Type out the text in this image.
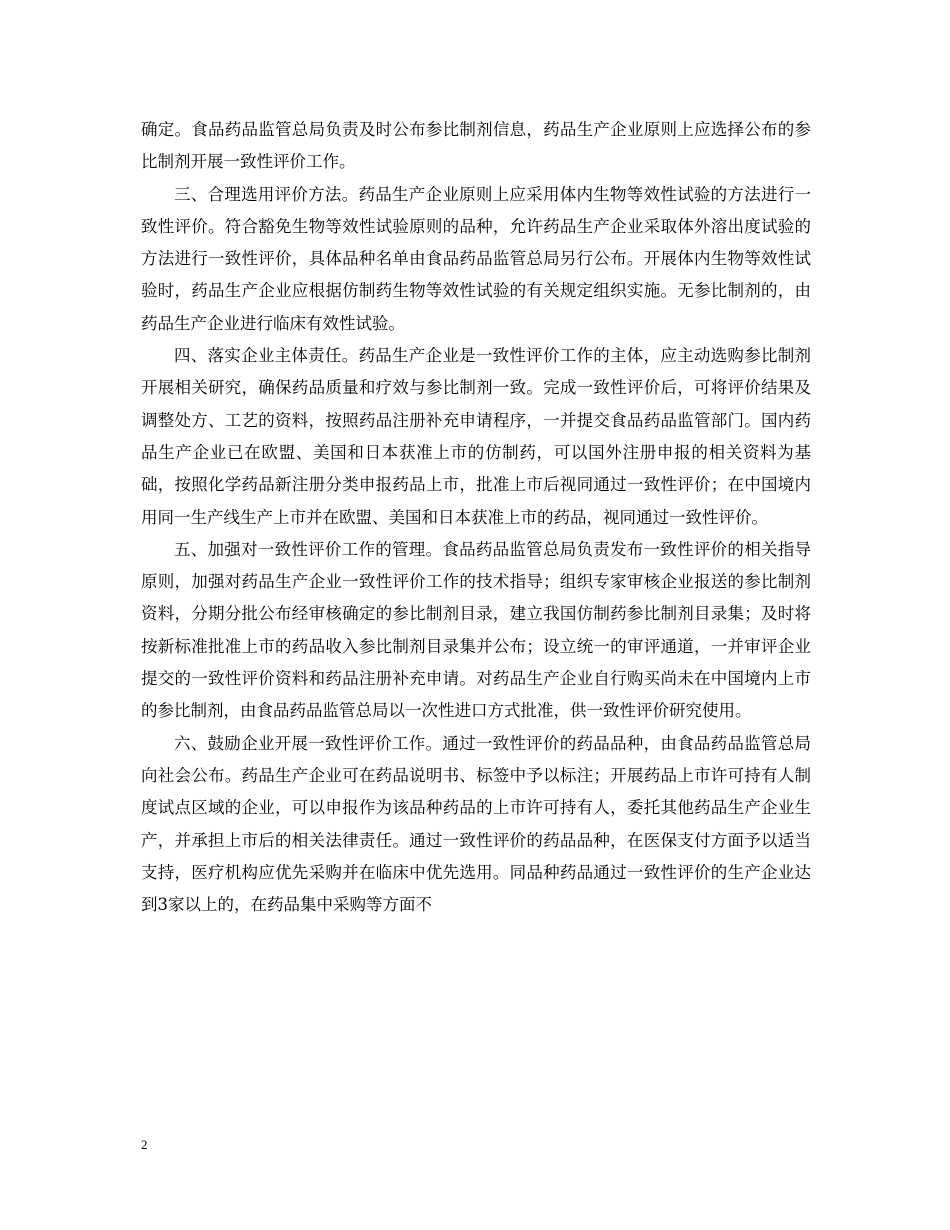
确定。食品药品监管总局负责及时公布参比制剂信息，药品生产企业原则上应选择公布的参比制剂开展一致性评价工作。

三、合理选用评价方法。药品生产企业原则上应采用体内生物等效性试验的方法进行一致性评价。符合豁免生物等效性试验原则的品种，允许药品生产企业采取体外溶出度试验的方法进行一致性评价，具体品种名单由食品药品监管总局另行公布。开展体内生物等效性试验时，药品生产企业应根据仿制药生物等效性试验的有关规定组织实施。无参比制剂的，由药品生产企业进行临床有效性试验。

四、落实企业主体责任。药品生产企业是一致性评价工作的主体，应主动选购参比制剂开展相关研究，确保药品质量和疗效与参比制剂一致。完成一致性评价后，可将评价结果及调整处方、工艺的资料，按照药品注册补充申请程序，一并提交食品药品监管部门。国内药品生产企业已在欧盟、美国和日本获准上市的仿制药，可以国外注册申报的相关资料为基础，按照化学药品新注册分类申报药品上市，批准上市后视同通过一致性评价；在中国境内用同一生产线生产上市并在欧盟、美国和日本获准上市的药品，视同通过一致性评价。

五、加强对一致性评价工作的管理。食品药品监管总局负责发布一致性评价的相关指导原则，加强对药品生产企业一致性评价工作的技术指导；组织专家审核企业报送的参比制剂资料，分期分批公布经审核确定的参比制剂目录，建立我国仿制药参比制剂目录集；及时将按新标准批准上市的药品收入参比制剂目录集并公布；设立统一的审评通道，一并审评企业提交的一致性评价资料和药品注册补充申请。对药品生产企业自行购买尚未在中国境内上市的参比制剂，由食品药品监管总局以一次性进口方式批准，供一致性评价研究使用。

六、鼓励企业开展一致性评价工作。通过一致性评价的药品品种，由食品药品监管总局向社会公布。药品生产企业可在药品说明书、标签中予以标注；开展药品上市许可持有人制度试点区域的企业，可以申报作为该品种药品的上市许可持有人，委托其他药品生产企业生产，并承担上市后的相关法律责任。通过一致性评价的药品品种，在医保支付方面予以适当支持，医疗机构应优先采购并在临床中优先选用。同品种药品通过一致性评价的生产企业达到3家以上的，在药品集中采购等方面不

2
